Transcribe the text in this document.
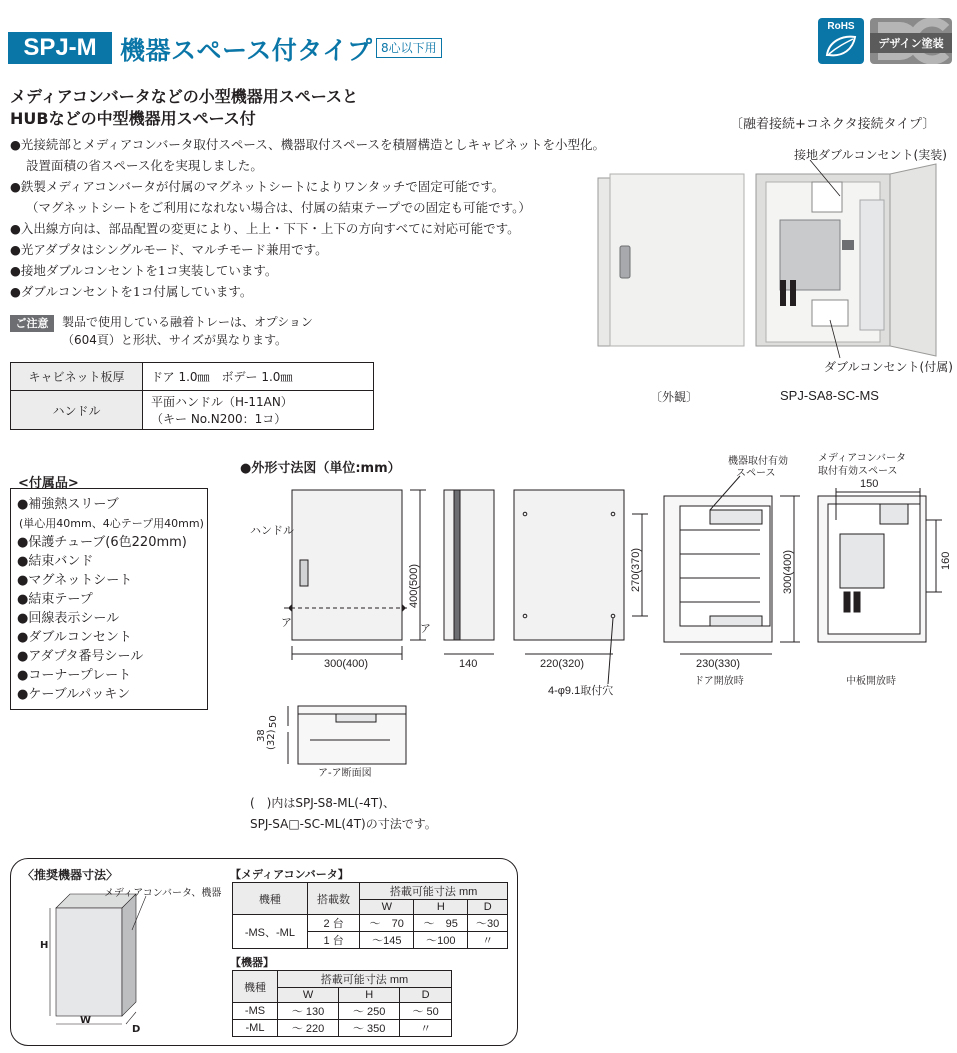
SPJ-M 機器スペース付タイプ 8心以下用
RoHS
デザイン塗装
メディアコンバータなどの小型機器用スペースと
HUBなどの中型機器用スペース付
●光接続部とメディアコンバータ取付スペース、機器取付スペースを積層構造としキャビネットを小型化。
設置面積の省スペース化を実現しました。
●鉄製メディアコンバータが付属のマグネットシートによりワンタッチで固定可能です。
（マグネットシートをご利用になれない場合は、付属の結束テープでの固定も可能です。）
●入出線方向は、部品配置の変更により、上上・下下・上下の方向すべてに対応可能です。
●光アダプタはシングルモード、マルチモード兼用です。
●接地ダブルコンセントを1コ実装しています。
●ダブルコンセントを1コ付属しています。
ご注意	製品で使用している融着トレーは、オプション
（604頁）と形状、サイズが異なります。
キャビネット板厚	ドア 1.0㎜　ボデー 1.0㎜
ハンドル	平面ハンドル（H-11AN）
（キー No.N200：1コ）
〔融着接続+コネクタ接続タイプ〕
接地ダブルコンセント(実装)
ダブルコンセント(付属)
〔外観〕	SPJ-SA8-SC-MS
<付属品>
●補強熱スリーブ
(単心用40mm、4心テープ用40mm)
●保護チューブ(6色220mm)
●結束バンド
●マグネットシート
●結束テープ
●回線表示シール
●ダブルコンセント
●アダプタ番号シール
●コーナープレート
●ケーブルパッキン
●外形寸法図（単位:mm）
ハンドル
ア	ア
400(500)
300(400)	140	220(320)
270(370)
4-φ9.1取付穴
機器取付有効
スペース
300(400)
230(330)
ドア開放時
メディアコンバータ
取付有効スペース
150
160
中板開放時
50
38 (32)
ア-ア断面図
(　)内はSPJ-S8-ML(-4T)、
SPJ-SA□-SC-ML(4T)の寸法です。
〈推奨機器寸法〉
メディアコンバータ、機器
H
W
D
【メディアコンバータ】
機種	搭載数	搭載可能寸法 mm		
		W	H	D
-MS、-ML	2 台	～　70	～　95	～30
	1 台	～145	～100	〃
【機器】
機種	搭載可能寸法 mm		
	W	H	D
-MS	～ 130	～ 250	～ 50
-ML	～ 220	～ 350	〃
